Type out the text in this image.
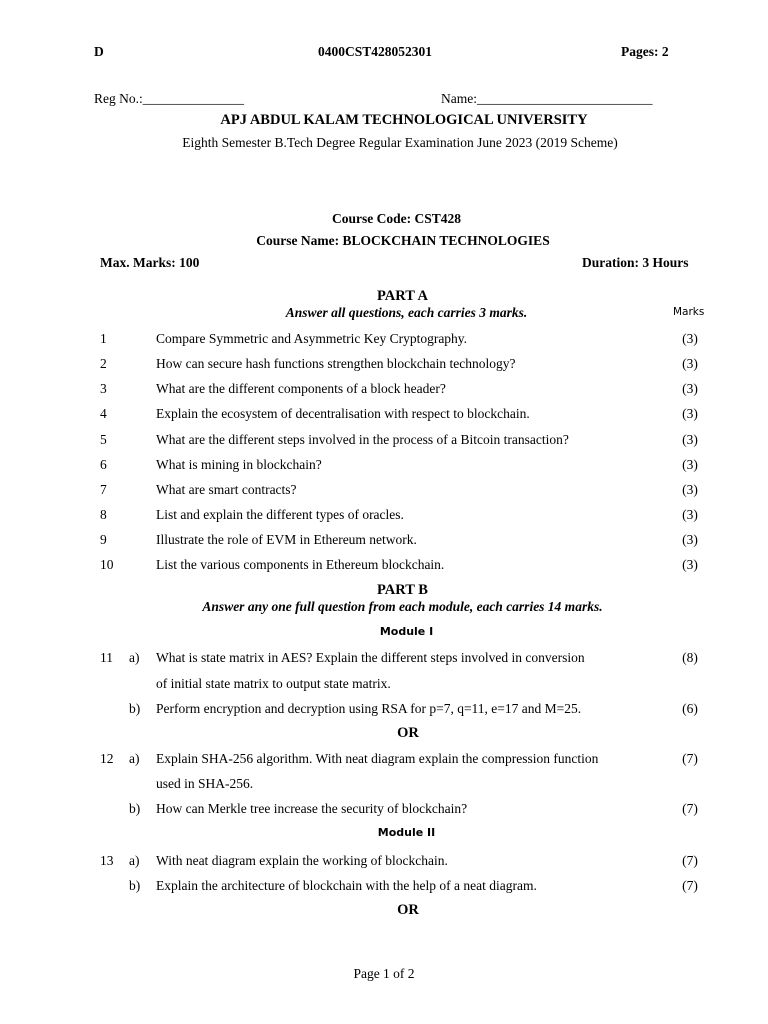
D	0400CST428052301	Pages: 2
Reg No.:_______________	Name:__________________________
APJ ABDUL KALAM TECHNOLOGICAL UNIVERSITY
Eighth Semester B.Tech Degree Regular Examination June 2023 (2019 Scheme)
Course Code: CST428
Course Name: BLOCKCHAIN TECHNOLOGIES
Max. Marks: 100	Duration: 3 Hours
PART A
Answer all questions, each carries 3 marks.	Marks
1	Compare Symmetric and Asymmetric Key Cryptography.	(3)
2	How can secure hash functions strengthen blockchain technology?	(3)
3	What are the different components of a block header?	(3)
4	Explain the ecosystem of decentralisation with respect to blockchain.	(3)
5	What are the different steps involved in the process of a Bitcoin transaction?	(3)
6	What is mining in blockchain?	(3)
7	What are smart contracts?	(3)
8	List and explain the different types of oracles.	(3)
9	Illustrate the role of EVM in Ethereum network.	(3)
10	List the various components in Ethereum blockchain.	(3)
PART B
Answer any one full question from each module, each carries 14 marks.
Module I
11 a) What is state matrix in AES? Explain the different steps involved in conversion	(8)
of initial state matrix to output state matrix.
b) Perform encryption and decryption using RSA for p=7, q=11, e=17 and M=25.	(6)
OR
12 a) Explain SHA-256 algorithm. With neat diagram explain the compression function	(7)
used in SHA-256.
b) How can Merkle tree increase the security of blockchain?	(7)
Module II
13 a) With neat diagram explain the working of blockchain.	(7)
b) Explain the architecture of blockchain with the help of a neat diagram.	(7)
OR
Page 1 of 2
